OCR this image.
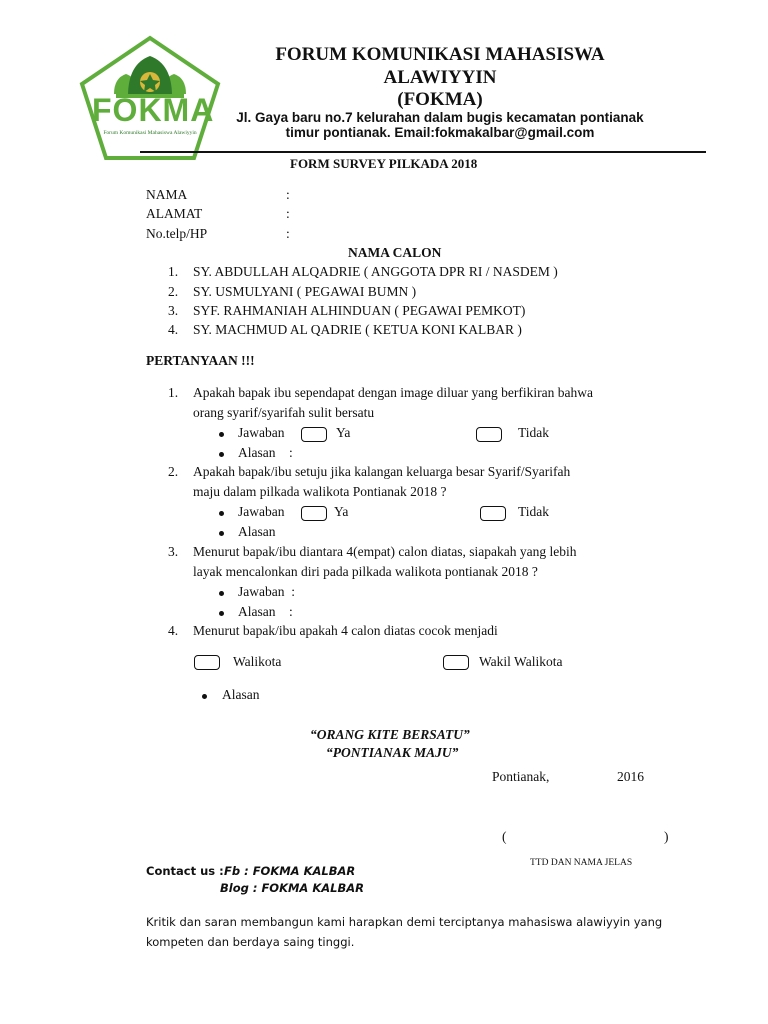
FOKMA
Forum Komunikasi Mahasiswa Alawiyyin
FORUM KOMUNIKASI MAHASISWA
ALAWIYYIN
(FOKMA)
Jl. Gaya baru no.7 kelurahan dalam bugis kecamatan pontianak
timur pontianak. Email:fokmakalbar@gmail.com
FORM SURVEY PILKADA 2018
NAMA	:
ALAMAT	:
No.telp/HP	:
NAMA CALON
1. SY. ABDULLAH ALQADRIE ( ANGGOTA DPR RI / NASDEM )
2. SY. USMULYANI ( PEGAWAI BUMN )
3. SYF. RAHMANIAH ALHINDUAN ( PEGAWAI PEMKOT)
4. SY. MACHMUD AL QADRIE ( KETUA KONI KALBAR )
PERTANYAAN !!!
1. Apakah bapak ibu sependapat dengan image diluar yang berfikiran bahwa
orang syarif/syarifah sulit bersatu
Jawaban	Ya	Tidak
Alasan    :
2. Apakah bapak/ibu setuju jika kalangan keluarga besar Syarif/Syarifah
maju dalam pilkada walikota Pontianak 2018 ?
Jawaban	Ya	Tidak
Alasan
3. Menurut bapak/ibu diantara 4(empat) calon diatas, siapakah yang lebih
layak mencalonkan diri pada pilkada walikota pontianak 2018 ?
Jawaban  :
Alasan    :
4. Menurut bapak/ibu apakah 4 calon diatas cocok menjadi
Walikota	Wakil Walikota
Alasan
“ORANG KITE BERSATU”
“PONTIANAK MAJU”
Pontianak,	2016
(	)
TTD DAN NAMA JELAS
Contact us : Fb : FOKMA KALBAR
Blog : FOKMA KALBAR
Kritik dan saran membangun kami harapkan demi terciptanya mahasiswa alawiyyin yang
kompeten dan berdaya saing tinggi.
